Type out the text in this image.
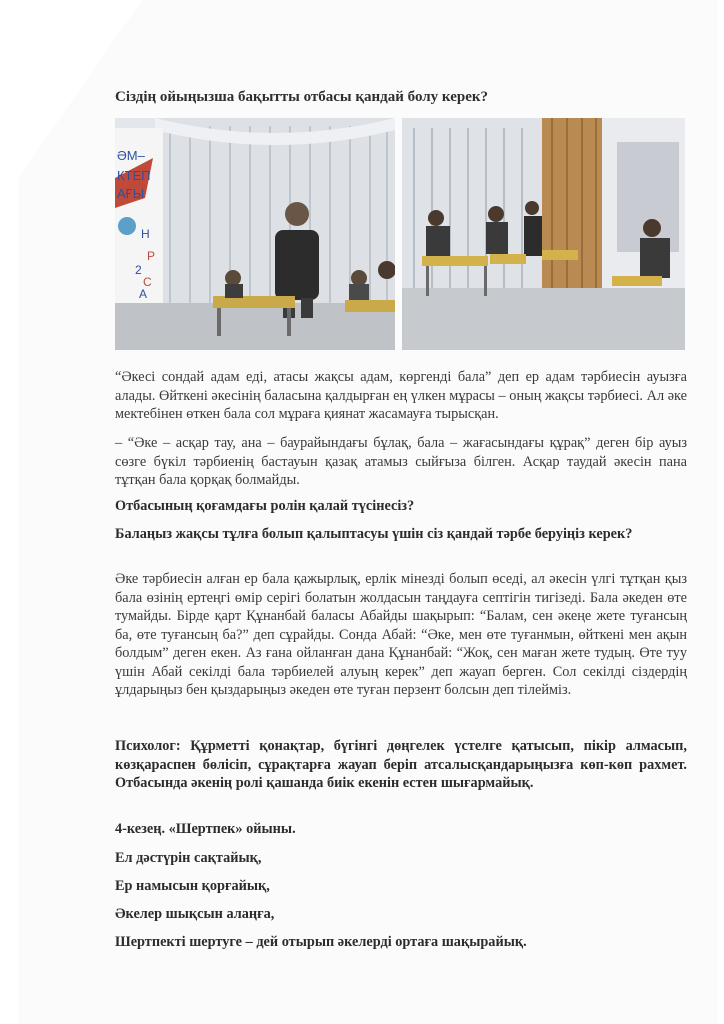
Сіздің ойыңызша бақытты отбасы қандай болу керек?
ӘМ–
КТЕП
АҒЫ
Н
Р
2
С
А

“Әкесі сондай адам еді, атасы жақсы адам, көргенді бала” деп ер адам тәрбиесін ауызға алады. Өйткені әкесінің баласына қалдырған ең үлкен мұрасы – оның жақсы тәрбиесі. Ал әке мектебінен өткен бала сол мұраға қиянат жасамауға тырысқан.

– “Әке – асқар тау, ана – баурайындағы бұлақ, бала – жағасындағы құрақ” деген бір ауыз сөзге бүкіл тәрбиенің бастауын қазақ атамыз сыйғыза білген. Асқар таудай әкесін пана тұтқан бала қорқақ болмайды.

Отбасының қоғамдағы ролін қалай түсінесіз?

Балаңыз жақсы тұлға болып қалыптасуы үшін сіз қандай тәрбе беруіңіз керек?

Әке тәрбиесін алған ер бала қажырлық, ерлік мінезді болып өседі, ал әкесін үлгі тұтқан қыз бала өзінің ертеңгі өмір серігі болатын жолдасын таңдауға септігін тигізеді. Бала әкеден өте тумайды. Бірде қарт Құнанбай баласы Абайды шақырып: “Балам, сен әкеңе жете туғансың ба, өте туғансың ба?” деп сұрайды. Сонда Абай: “Әке, мен өте туғанмын, өйткені мен ақын болдым” деген екен. Аз ғана ойланған дана Құнанбай: “Жоқ, сен маған жете тудың. Өте туу үшін Абай секілді бала тәрбиелей алуың керек” деп жауап берген. Сол секілді сіздердің ұлдарыңыз бен қыздарыңыз әкеден өте туған перзент болсын деп тілейміз.

Психолог: Құрметті қонақтар, бүгінгі дөңгелек үстелге қатысып, пікір алмасып, көзқараспен бөлісіп, сұрақтарға жауап беріп атсалысқандарыңызға көп-көп рахмет. Отбасында әкенің ролі қашанда биік екенін естен шығармайық.

4-кезең. «Шертпек» ойыны.

Ел дәстүрін сақтайық,

Ер намысын қорғайық,

Әкелер шықсын алаңға,

Шертпекті шертуге – дей отырып әкелерді ортаға шақырайық.
